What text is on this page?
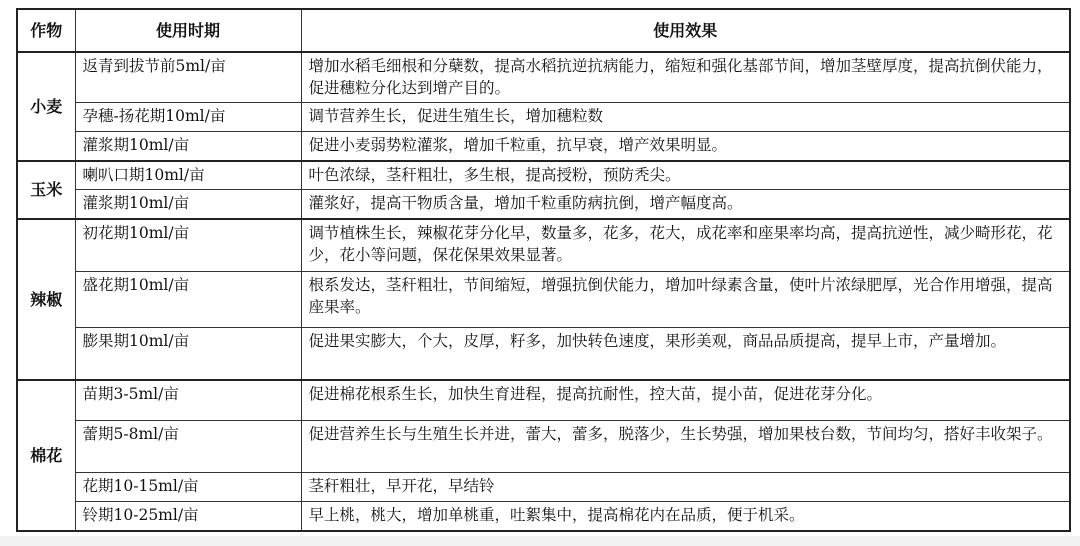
作物	使用时期	使用效果
小麦	返青到拔节前5ml/亩	增加水稻毛细根和分蘖数，提高水稻抗逆抗病能力，缩短和强化基部节间，增加茎壁厚度，提高抗倒伏能力，促进穗粒分化达到增产目的。
	孕穗-扬花期10ml/亩	调节营养生长，促进生殖生长，增加穗粒数
	灌浆期10ml/亩	促进小麦弱势粒灌浆，增加千粒重，抗早衰，增产效果明显。
玉米	喇叭口期10ml/亩	叶色浓绿，茎秆粗壮，多生根，提高授粉，预防秃尖。
	灌浆期10ml/亩	灌浆好，提高干物质含量，增加千粒重防病抗倒，增产幅度高。
辣椒	初花期10ml/亩	调节植株生长，辣椒花芽分化早，数量多，花多，花大，成花率和座果率均高，提高抗逆性，减少畸形花，花少，花小等问题，保花保果效果显著。
	盛花期10ml/亩	根系发达，茎秆粗壮，节间缩短，增强抗倒伏能力，增加叶绿素含量，使叶片浓绿肥厚，光合作用增强，提高座果率。
	膨果期10ml/亩	促进果实膨大，个大，皮厚，籽多，加快转色速度，果形美观，商品品质提高，提早上市，产量增加。
棉花	苗期3-5ml/亩	促进棉花根系生长，加快生育进程，提高抗耐性，控大苗，提小苗，促进花芽分化。
	蕾期5-8ml/亩	促进营养生长与生殖生长并进，蕾大，蕾多，脱落少，生长势强，增加果枝台数，节间均匀，搭好丰收架子。
	花期10-15ml/亩	茎秆粗壮，早开花，早结铃
	铃期10-25ml/亩	早上桃，桃大，增加单桃重，吐絮集中，提高棉花内在品质，便于机采。
